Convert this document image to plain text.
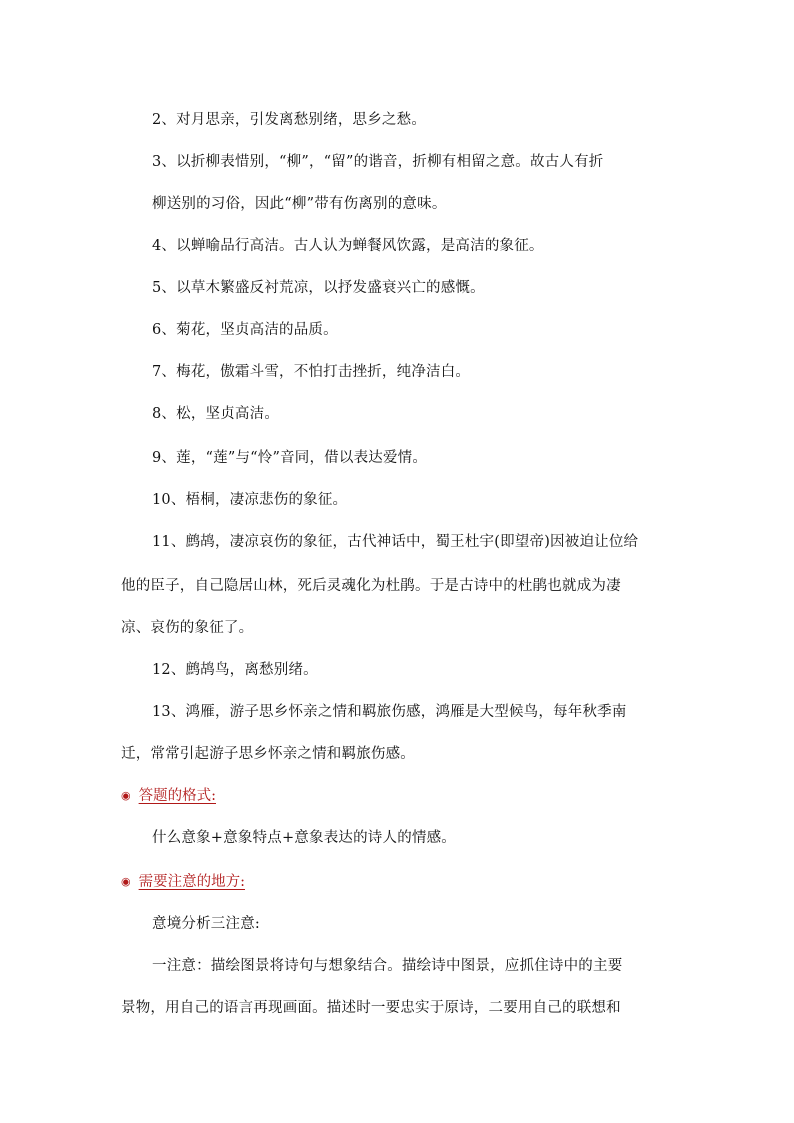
2、对月思亲，引发离愁别绪，思乡之愁。
3、以折柳表惜别，“柳”，“留”的谐音，折柳有相留之意。故古人有折
柳送别的习俗，因此“柳”带有伤离别的意味。
4、以蝉喻品行高洁。古人认为蝉餐风饮露，是高洁的象征。
5、以草木繁盛反衬荒凉，以抒发盛衰兴亡的感慨。
6、菊花，坚贞高洁的品质。
7、梅花，傲霜斗雪，不怕打击挫折，纯净洁白。
8、松，坚贞高洁。
9、莲，“莲”与“怜”音同，借以表达爱情。
10、梧桐，凄凉悲伤的象征。
11、鹧鸪，凄凉哀伤的象征，古代神话中，蜀王杜宇(即望帝)因被迫让位给
他的臣子，自己隐居山林，死后灵魂化为杜鹃。于是古诗中的杜鹃也就成为凄
凉、哀伤的象征了。
12、鹧鸪鸟，离愁别绪。
13、鸿雁，游子思乡怀亲之情和羁旅伤感，鸿雁是大型候鸟，每年秋季南
迁，常常引起游子思乡怀亲之情和羁旅伤感。
◉ 答题的格式:
什么意象+意象特点+意象表达的诗人的情感。
◉ 需要注意的地方:
意境分析三注意:
一注意：描绘图景将诗句与想象结合。描绘诗中图景，应抓住诗中的主要
景物，用自己的语言再现画面。描述时一要忠实于原诗，二要用自己的联想和
